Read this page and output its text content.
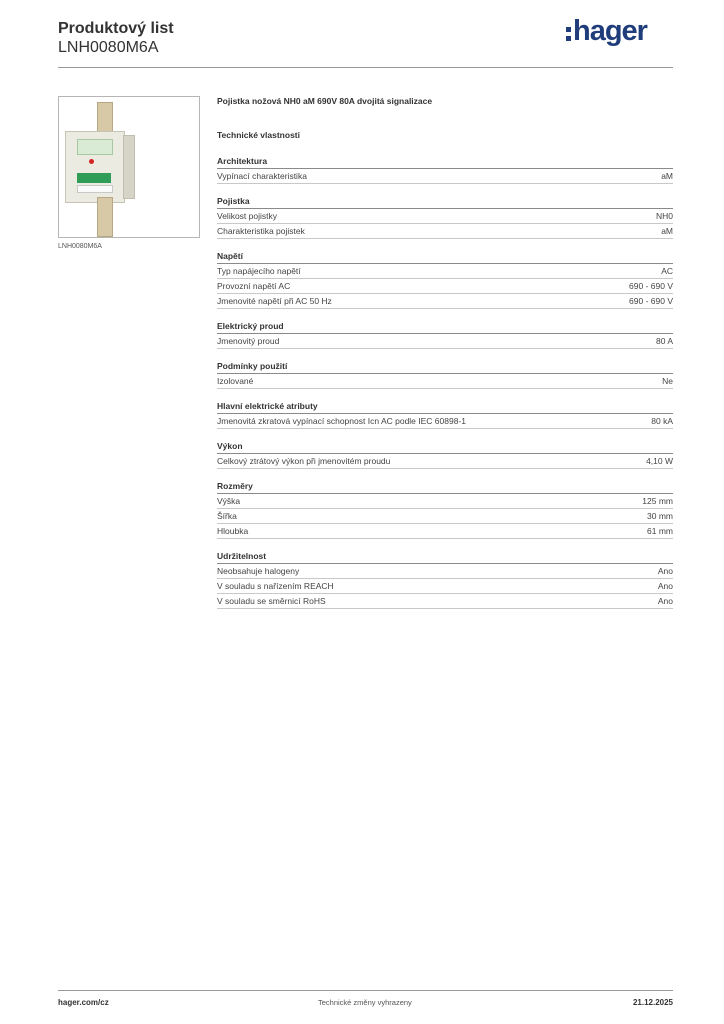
Produktový list
LNH0080M6A
hager
LNH0080M6A
Pojistka nožová NH0 aM 690V 80A dvojitá signalizace
Technické vlastnosti
Architektura
Vypínací charakteristika	aM
Pojistka
Velikost pojistky	NH0
Charakteristika pojistek	aM
Napětí
Typ napájecího napětí	AC
Provozní napětí AC	690 - 690 V
Jmenovité napětí při AC 50 Hz	690 - 690 V
Elektrický proud
Jmenovitý proud	80 A
Podmínky použití
Izolované	Ne
Hlavní elektrické atributy
Jmenovitá zkratová vypínací schopnost Icn AC podle IEC 60898-1	80 kA
Výkon
Celkový ztrátový výkon při jmenovitém proudu	4,10 W
Rozměry
Výška	125 mm
Šířka	30 mm
Hloubka	61 mm
Udržitelnost
Neobsahuje halogeny	Ano
V souladu s nařízením REACH	Ano
V souladu se směrnicí RoHS	Ano
hager.com/cz	Technické změny vyhrazeny	21.12.2025
